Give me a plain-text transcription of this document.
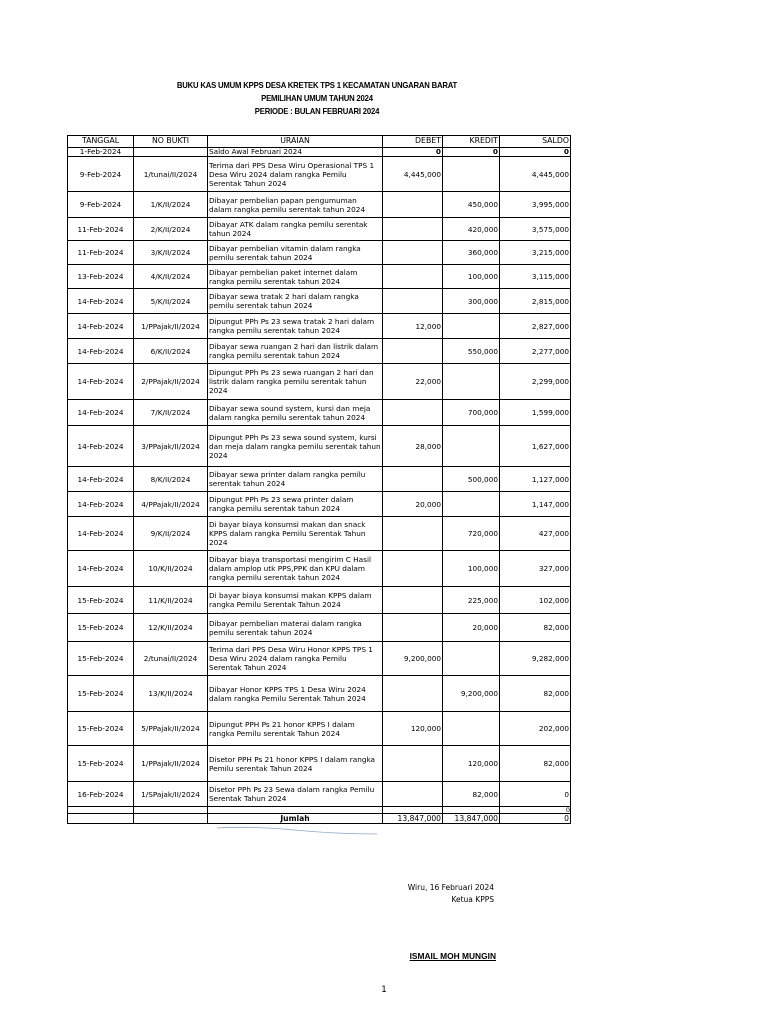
BUKU KAS UMUM KPPS DESA KRETEK TPS 1 KECAMATAN UNGARAN BARAT
PEMILIHAN UMUM TAHUN 2024
PERIODE : BULAN FEBRUARI 2024
TANGGAL	NO BUKTI	URAIAN	DEBET	KREDIT	SALDO
1-Feb-2024		Saldo Awal Februari 2024	0	0	0
9-Feb-2024	1/tunai/II/2024	Terima dari PPS Desa Wiru Operasional TPS 1 Desa Wiru 2024 dalam rangka Pemilu Serentak Tahun 2024	4,445,000		4,445,000
9-Feb-2024	1/K/II/2024	Dibayar pembelian papan pengumuman dalam rangka pemilu serentak tahun 2024		450,000	3,995,000
11-Feb-2024	2/K/II/2024	Dibayar ATK dalam rangka pemilu serentak tahun 2024		420,000	3,575,000
11-Feb-2024	3/K/II/2024	Dibayar pembelian vitamin dalam rangka pemilu serentak tahun 2024		360,000	3,215,000
13-Feb-2024	4/K/II/2024	Dibayar pembelian paket internet dalam rangka pemilu serentak tahun 2024		100,000	3,115,000
14-Feb-2024	5/K/II/2024	Dibayar sewa tratak 2 hari dalam rangka pemilu serentak tahun 2024		300,000	2,815,000
14-Feb-2024	1/PPajak/II/2024	Dipungut PPh Ps 23 sewa tratak 2 hari dalam rangka pemilu serentak tahun 2024	12,000		2,827,000
14-Feb-2024	6/K/II/2024	Dibayar sewa ruangan 2 hari dan listrik dalam rangka pemilu serentak tahun 2024		550,000	2,277,000
14-Feb-2024	2/PPajak/II/2024	Dipungut PPh Ps 23 sewa ruangan 2 hari dan listrik dalam rangka pemilu serentak tahun 2024	22,000		2,299,000
14-Feb-2024	7/K/II/2024	Dibayar sewa sound system, kursi dan meja dalam rangka pemilu serentak tahun 2024		700,000	1,599,000
14-Feb-2024	3/PPajak/II/2024	Dipungut PPh Ps 23 sewa sound system, kursi dan meja dalam rangka pemilu serentak tahun 2024	28,000		1,627,000
14-Feb-2024	8/K/II/2024	Dibayar sewa printer dalam rangka pemilu serentak tahun 2024		500,000	1,127,000
14-Feb-2024	4/PPajak/II/2024	Dipungut PPh Ps 23 sewa printer dalam rangka pemilu serentak tahun 2024	20,000		1,147,000
14-Feb-2024	9/K/II/2024	Di bayar biaya konsumsi makan dan snack KPPS dalam rangka Pemilu Serentak Tahun 2024		720,000	427,000
14-Feb-2024	10/K/II/2024	Dibayar biaya transportasi mengirim C Hasil dalam amplop utk PPS,PPK dan KPU dalam rangka pemilu serentak tahun 2024		100,000	327,000
15-Feb-2024	11/K/II/2024	Di bayar biaya konsumsi makan KPPS dalam rangka Pemilu Serentak Tahun 2024		225,000	102,000
15-Feb-2024	12/K/II/2024	Dibayar pembelian materai dalam rangka pemilu serentak tahun 2024		20,000	82,000
15-Feb-2024	2/tunai/II/2024	Terima dari PPS Desa Wiru Honor KPPS TPS 1 Desa Wiru 2024 dalam rangka Pemilu Serentak Tahun 2024	9,200,000		9,282,000
15-Feb-2024	13/K/II/2024	Dibayar Honor KPPS TPS 1 Desa Wiru 2024 dalam rangka Pemilu Serentak Tahun 2024		9,200,000	82,000
15-Feb-2024	5/PPajak/II/2024	Dipungut PPH Ps 21 honor KPPS I dalam rangka Pemilu serentak Tahun 2024	120,000		202,000
15-Feb-2024	1/PPajak/II/2024	Disetor PPH Ps 21 honor KPPS I dalam rangka Pemilu serentak Tahun 2024		120,000	82,000
16-Feb-2024	1/SPajak/II/2024	Disetor PPh Ps 23 Sewa dalam rangka Pemilu Serentak Tahun 2024		82,000	0
					0
		Jumlah	13,847,000	13,847,000	0
Wiru, 16 Februari 2024
Ketua KPPS
ISMAIL MOH MUNGIN
1
